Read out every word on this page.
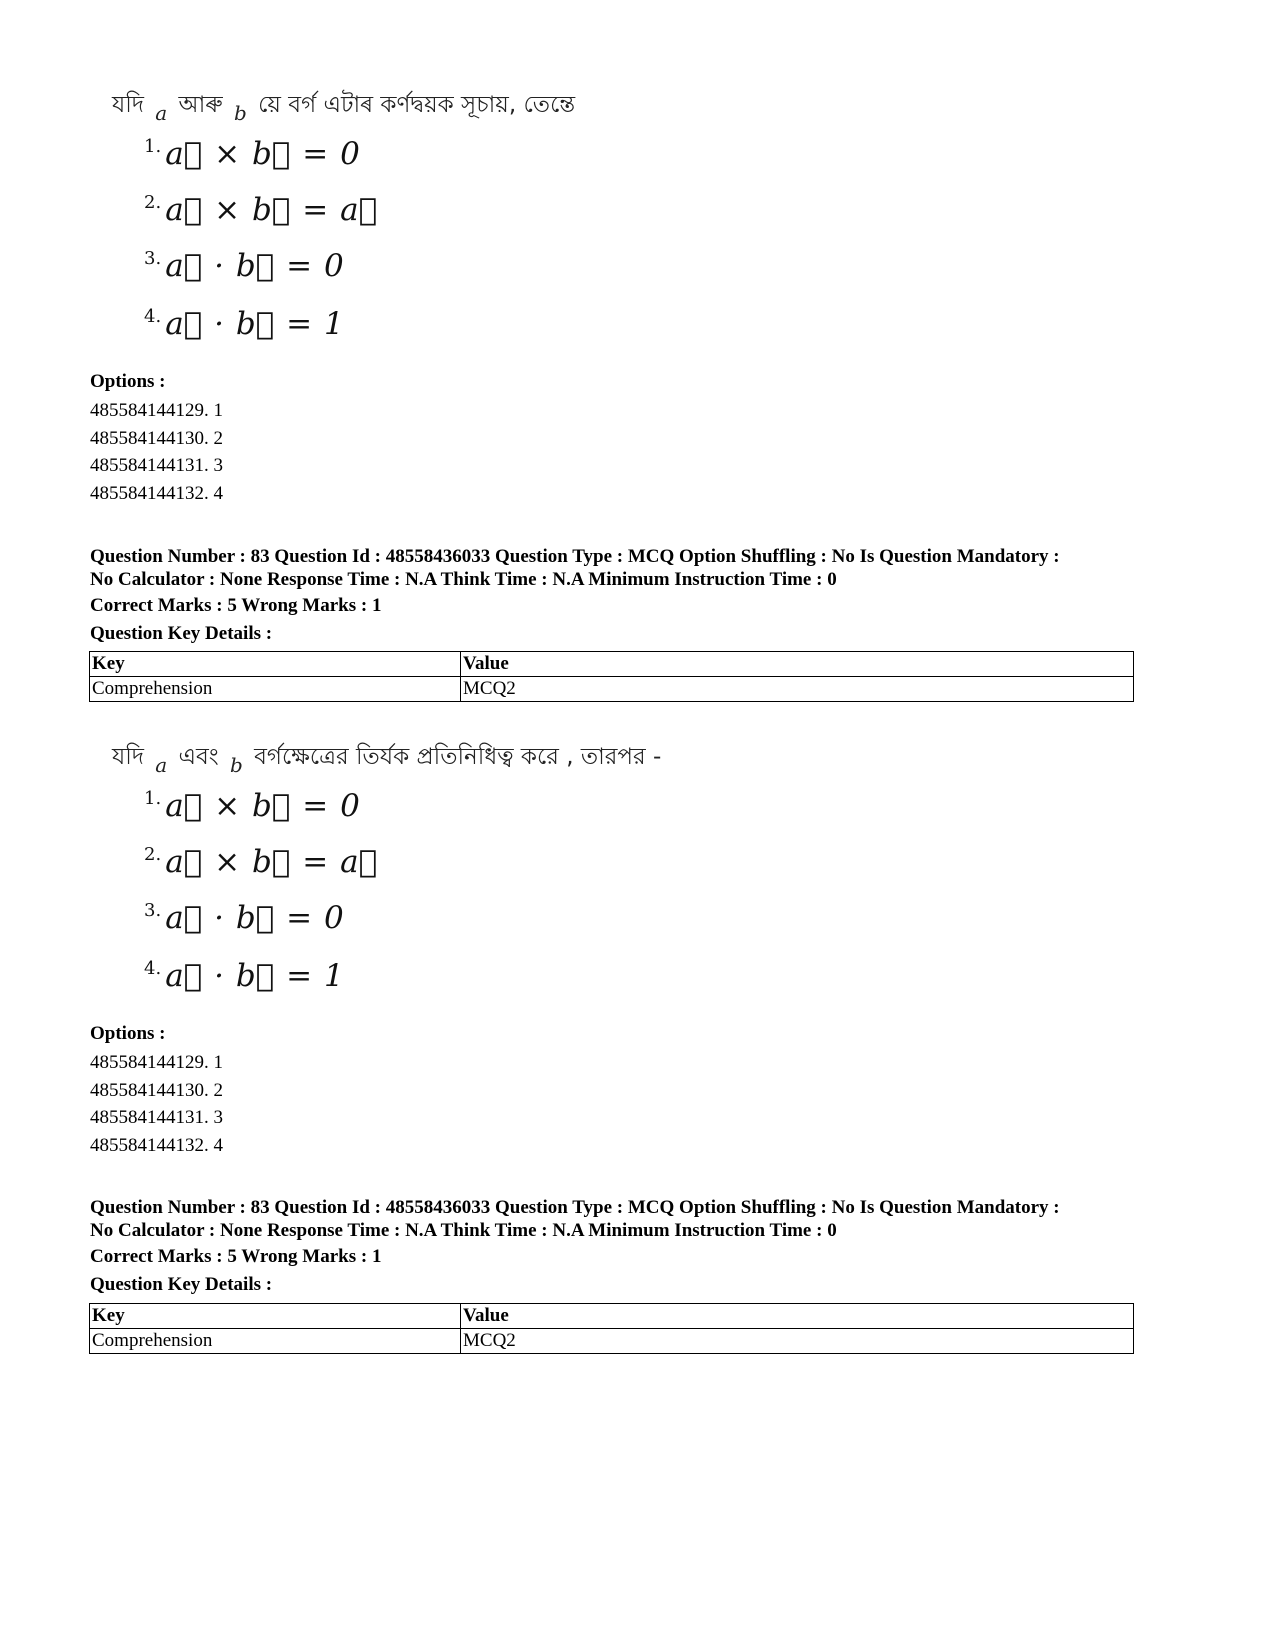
যদি a আৰু b য়ে বৰ্গ এটাৰ কৰ্ণদ্বয়ক সূচায়, তেন্তে
1. a⃗ × b⃗ = 0
2. a⃗ × b⃗ = a⃗
3. a⃗ · b⃗ = 0
4. a⃗ · b⃗ = 1
Options :
485584144129. 1
485584144130. 2
485584144131. 3
485584144132. 4
Question Number : 83 Question Id : 48558436033 Question Type : MCQ Option Shuffling : No Is Question Mandatory :
No Calculator : None Response Time : N.A Think Time : N.A Minimum Instruction Time : 0
Correct Marks : 5 Wrong Marks : 1
Question Key Details :
Key	Value
Comprehension	MCQ2
যদি a এবং b বর্গক্ষেত্রের তির্যক প্রতিনিধিত্ব করে , তারপর -
1. a⃗ × b⃗ = 0
2. a⃗ × b⃗ = a⃗
3. a⃗ · b⃗ = 0
4. a⃗ · b⃗ = 1
Options :
485584144129. 1
485584144130. 2
485584144131. 3
485584144132. 4
Question Number : 83 Question Id : 48558436033 Question Type : MCQ Option Shuffling : No Is Question Mandatory :
No Calculator : None Response Time : N.A Think Time : N.A Minimum Instruction Time : 0
Correct Marks : 5 Wrong Marks : 1
Question Key Details :
Key	Value
Comprehension	MCQ2
